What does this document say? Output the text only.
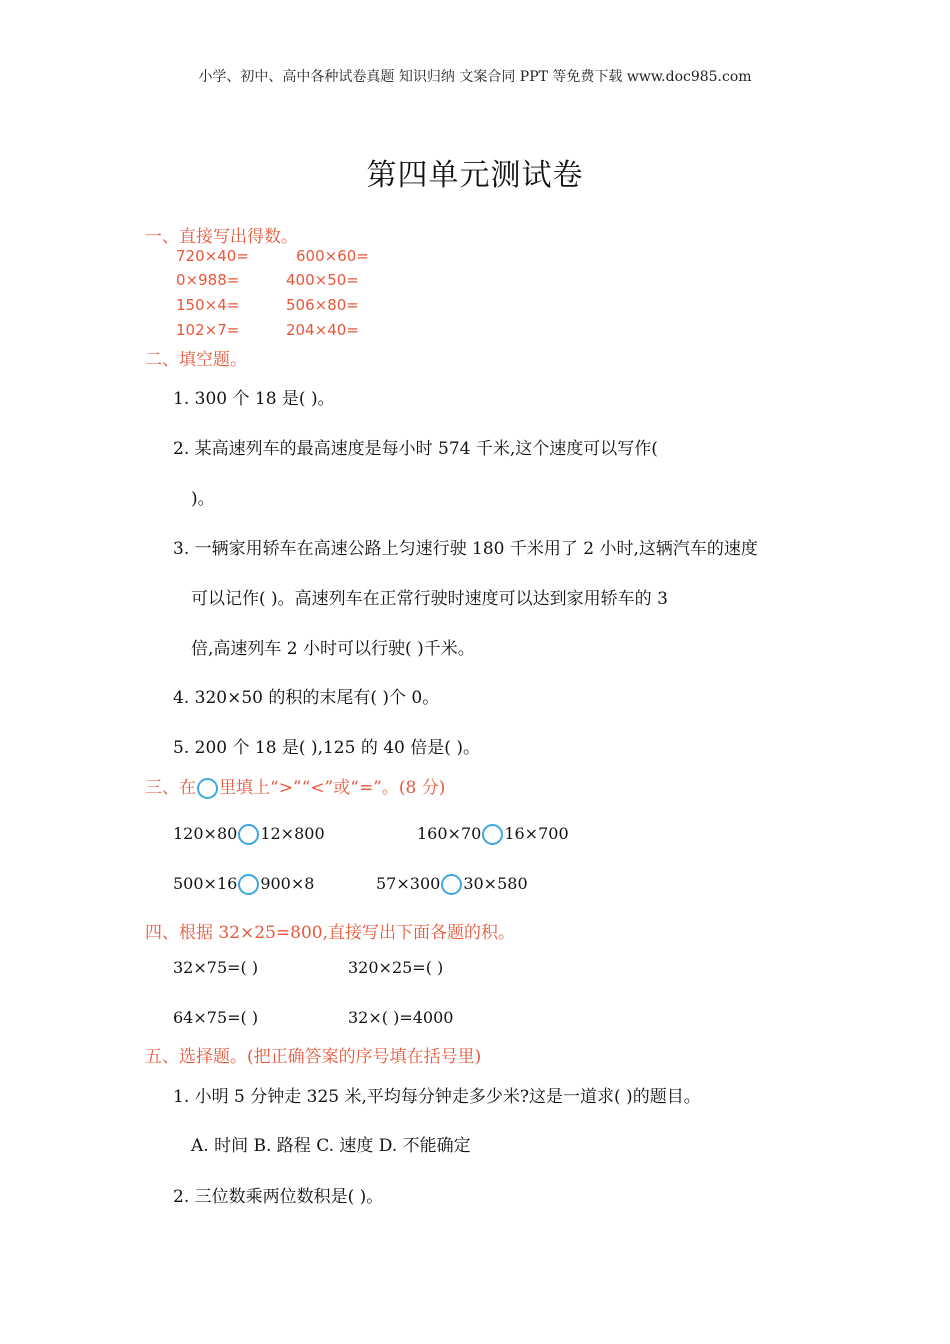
小学、初中、高中各种试卷真题 知识归纳 文案合同 PPT 等免费下载 www.doc985.com
第四单元测试卷
一、直接写出得数。
720×40=	600×60=
0×988=	400×50=
150×4=	506×80=
102×7=	204×40=
二、填空题。
1. 300 个 18 是( )。
2. 某高速列车的最高速度是每小时 574 千米,这个速度可以写作(
)。
3. 一辆家用轿车在高速公路上匀速行驶 180 千米用了 2 小时,这辆汽车的速度
可以记作( )。高速列车在正常行驶时速度可以达到家用轿车的 3
倍,高速列车 2 小时可以行驶( )千米。
4. 320×50 的积的末尾有( )个 0。
5. 200 个 18 是( ),125 的 40 倍是( )。
三、在 里填上“>”“<”或“=”。(8 分)
120×80 12×800	160×70 16×700
500×16 900×8	57×300 30×580
四、根据 32×25=800,直接写出下面各题的积。
32×75=( )	320×25=( )
64×75=( )	32×( )=4000
五、选择题。(把正确答案的序号填在括号里)
1. 小明 5 分钟走 325 米,平均每分钟走多少米?这是一道求( )的题目。
A. 时间 B. 路程 C. 速度 D. 不能确定
2. 三位数乘两位数积是( )。
